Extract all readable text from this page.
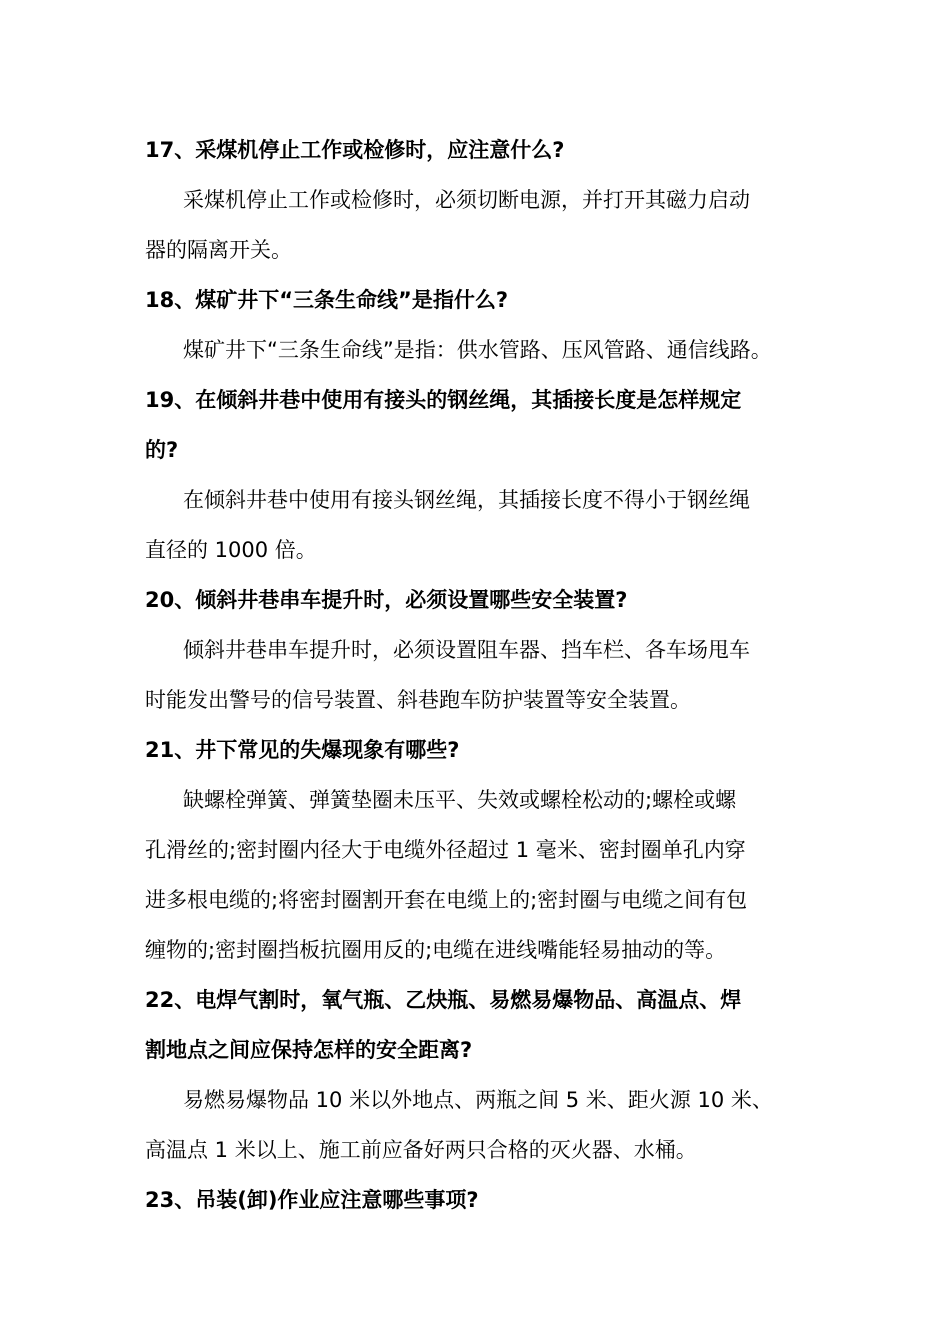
17、采煤机停止工作或检修时，应注意什么?
采煤机停止工作或检修时，必须切断电源，并打开其磁力启动
器的隔离开关。
18、煤矿井下“三条生命线”是指什么?
煤矿井下“三条生命线”是指：供水管路、压风管路、通信线路。
19、在倾斜井巷中使用有接头的钢丝绳，其插接长度是怎样规定
的?
在倾斜井巷中使用有接头钢丝绳，其插接长度不得小于钢丝绳
直径的 1000 倍。
20、倾斜井巷串车提升时，必须设置哪些安全装置?
倾斜井巷串车提升时，必须设置阻车器、挡车栏、各车场甩车
时能发出警号的信号装置、斜巷跑车防护装置等安全装置。
21、井下常见的失爆现象有哪些?
缺螺栓弹簧、弹簧垫圈未压平、失效或螺栓松动的;螺栓或螺
孔滑丝的;密封圈内径大于电缆外径超过 1 毫米、密封圈单孔内穿
进多根电缆的;将密封圈割开套在电缆上的;密封圈与电缆之间有包
缠物的;密封圈挡板抗圈用反的;电缆在进线嘴能轻易抽动的等。
22、电焊气割时，氧气瓶、乙炔瓶、易燃易爆物品、高温点、焊
割地点之间应保持怎样的安全距离?
易燃易爆物品 10 米以外地点、两瓶之间 5 米、距火源 10 米、
高温点 1 米以上、施工前应备好两只合格的灭火器、水桶。
23、吊装(卸)作业应注意哪些事项?
